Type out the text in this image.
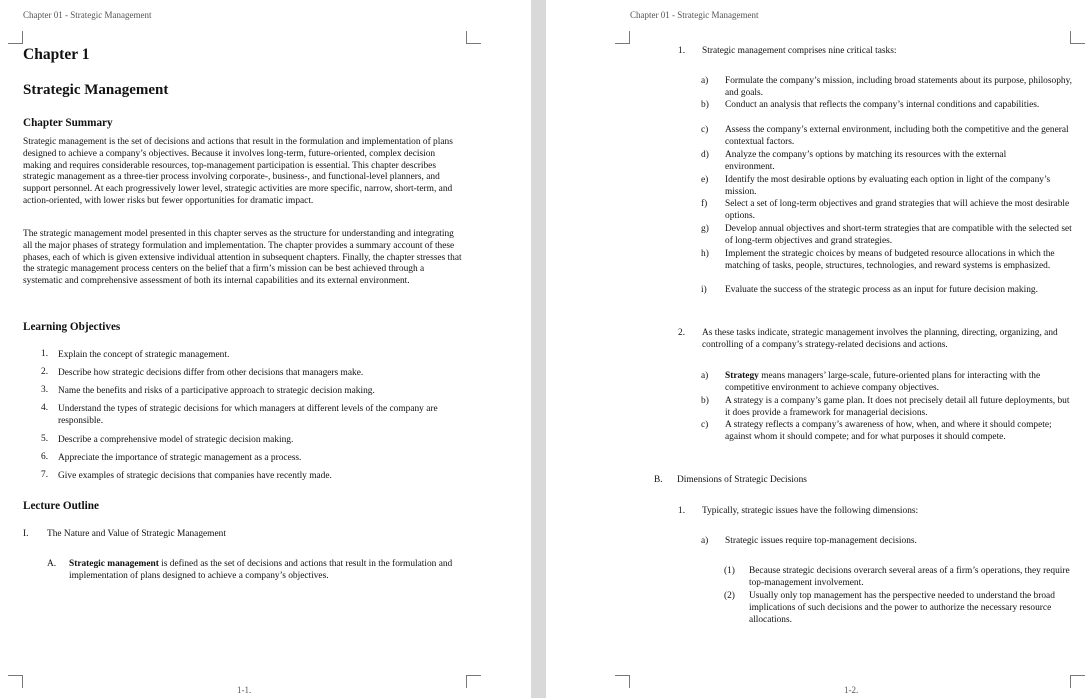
Chapter 01 - Strategic Management
Chapter 1
Strategic Management
Chapter Summary
Strategic management is the set of decisions and actions that result in the formulation and implementation of plans designed to achieve a company’s objectives. Because it involves long-term, future-oriented, complex decision making and requires considerable resources, top-management participation is essential. This chapter describes strategic management as a three-tier process involving corporate-, business-, and functional-level planners, and support personnel. At each progressively lower level, strategic activities are more specific, narrow, short-term, and action-oriented, with lower risks but fewer opportunities for dramatic impact.
The strategic management model presented in this chapter serves as the structure for understanding and integrating all the major phases of strategy formulation and implementation. The chapter provides a summary account of these phases, each of which is given extensive individual attention in subsequent chapters. Finally, the chapter stresses that the strategic management process centers on the belief that a firm’s mission can be best achieved through a systematic and comprehensive assessment of both its internal capabilities and its external environment.
Learning Objectives
1. Explain the concept of strategic management.
2. Describe how strategic decisions differ from other decisions that managers make.
3. Name the benefits and risks of a participative approach to strategic decision making.
4. Understand the types of strategic decisions for which managers at different levels of the company are responsible.
5. Describe a comprehensive model of strategic decision making.
6. Appreciate the importance of strategic management as a process.
7. Give examples of strategic decisions that companies have recently made.
Lecture Outline
I. The Nature and Value of Strategic Management
A. Strategic management is defined as the set of decisions and actions that result in the formulation and implementation of plans designed to achieve a company’s objectives.
1-1.
Chapter 01 - Strategic Management
1. Strategic management comprises nine critical tasks:
a) Formulate the company’s mission, including broad statements about its purpose, philosophy, and goals.
b) Conduct an analysis that reflects the company’s internal conditions and capabilities.
c) Assess the company’s external environment, including both the competitive and the general contextual factors.
d) Analyze the company’s options by matching its resources with the external environment.
e) Identify the most desirable options by evaluating each option in light of the company’s mission.
f) Select a set of long-term objectives and grand strategies that will achieve the most desirable options.
g) Develop annual objectives and short-term strategies that are compatible with the selected set of long-term objectives and grand strategies.
h) Implement the strategic choices by means of budgeted resource allocations in which the matching of tasks, people, structures, technologies, and reward systems is emphasized.
i) Evaluate the success of the strategic process as an input for future decision making.
2. As these tasks indicate, strategic management involves the planning, directing, organizing, and controlling of a company’s strategy-related decisions and actions.
a) Strategy means managers’ large-scale, future-oriented plans for interacting with the competitive environment to achieve company objectives.
b) A strategy is a company’s game plan. It does not precisely detail all future deployments, but it does provide a framework for managerial decisions.
c) A strategy reflects a company’s awareness of how, when, and where it should compete; against whom it should compete; and for what purposes it should compete.
B. Dimensions of Strategic Decisions
1. Typically, strategic issues have the following dimensions:
a) Strategic issues require top-management decisions.
(1) Because strategic decisions overarch several areas of a firm’s operations, they require top-management involvement.
(2) Usually only top management has the perspective needed to understand the broad implications of such decisions and the power to authorize the necessary resource allocations.
1-2.
